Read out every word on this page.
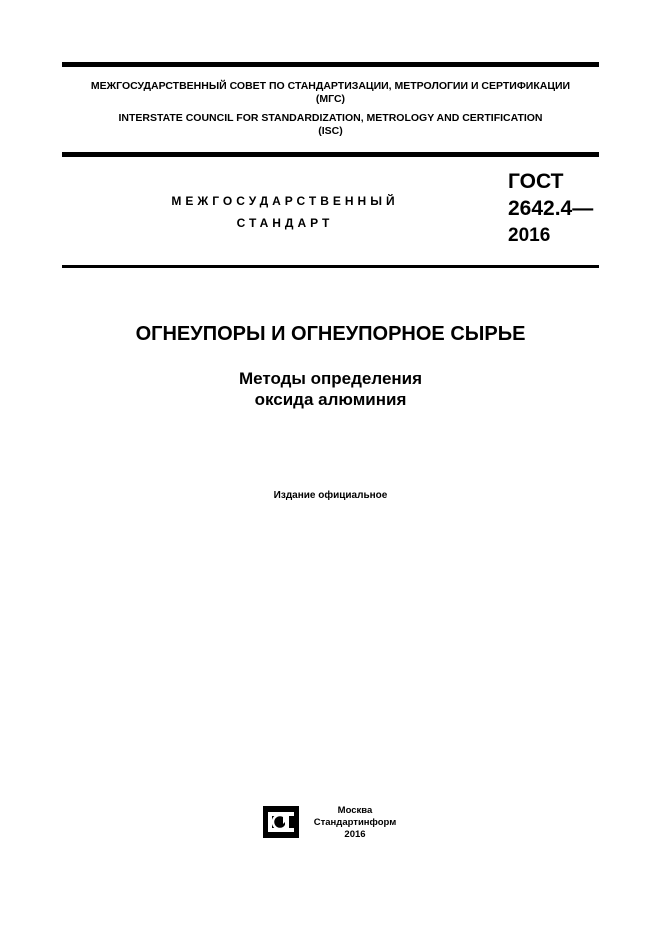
МЕЖГОСУДАРСТВЕННЫЙ СОВЕТ ПО СТАНДАРТИЗАЦИИ, МЕТРОЛОГИИ И СЕРТИФИКАЦИИ
(МГС)
INTERSTATE COUNCIL FOR STANDARDIZATION, METROLOGY AND CERTIFICATION
(ISC)
МЕЖГОСУДАРСТВЕННЫЙ
СТАНДАРТ
ГОСТ
2642.4—
2016
ОГНЕУПОРЫ И ОГНЕУПОРНОЕ СЫРЬЕ
Методы определения
оксида алюминия
Издание официальное
Москва
Стандартинформ
2016
